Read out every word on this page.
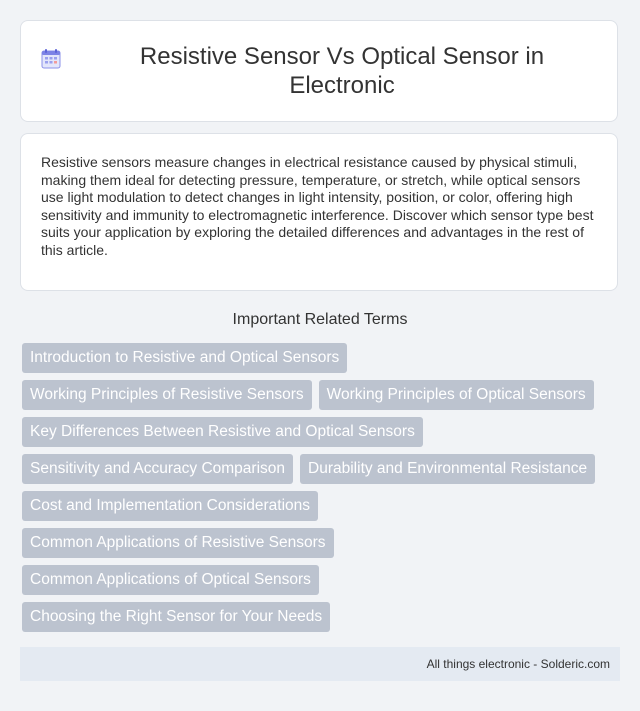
Resistive Sensor Vs Optical Sensor in Electronic

Resistive sensors measure changes in electrical resistance caused by physical stimuli, making them ideal for detecting pressure, temperature, or stretch, while optical sensors use light modulation to detect changes in light intensity, position, or color, offering high sensitivity and immunity to electromagnetic interference. Discover which sensor type best suits your application by exploring the detailed differences and advantages in the rest of this article.

Important Related Terms
Introduction to Resistive and Optical Sensors
Working Principles of Resistive Sensors	Working Principles of Optical Sensors
Key Differences Between Resistive and Optical Sensors
Sensitivity and Accuracy Comparison	Durability and Environmental Resistance
Cost and Implementation Considerations
Common Applications of Resistive Sensors
Common Applications of Optical Sensors
Choosing the Right Sensor for Your Needs
All things electronic - Solderic.com
